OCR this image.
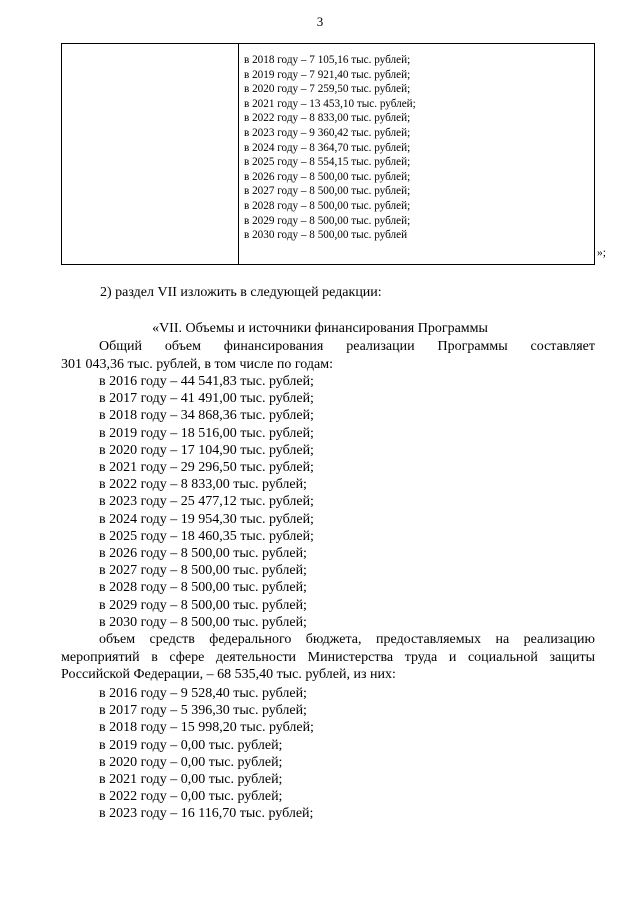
3
в 2018 году – 7 105,16 тыс. рублей;
в 2019 году – 7 921,40 тыс. рублей;
в 2020 году – 7 259,50 тыс. рублей;
в 2021 году – 13 453,10 тыс. рублей;
в 2022 году – 8 833,00 тыс. рублей;
в 2023 году – 9 360,42 тыс. рублей;
в 2024 году – 8 364,70 тыс. рублей;
в 2025 году – 8 554,15 тыс. рублей;
в 2026 году – 8 500,00 тыс. рублей;
в 2027 году – 8 500,00 тыс. рублей;
в 2028 году – 8 500,00 тыс. рублей;
в 2029 году – 8 500,00 тыс. рублей;
в 2030 году – 8 500,00 тыс. рублей
»;
2) раздел VII изложить в следующей редакции:
«VII. Объемы и источники финансирования Программы
Общий объем финансирования реализации Программы составляет
301 043,36 тыс. рублей, в том числе по годам:
в 2016 году – 44 541,83 тыс. рублей;
в 2017 году – 41 491,00 тыс. рублей;
в 2018 году – 34 868,36 тыс. рублей;
в 2019 году – 18 516,00 тыс. рублей;
в 2020 году – 17 104,90 тыс. рублей;
в 2021 году – 29 296,50 тыс. рублей;
в 2022 году – 8 833,00 тыс. рублей;
в 2023 году – 25 477,12 тыс. рублей;
в 2024 году – 19 954,30 тыс. рублей;
в 2025 году – 18 460,35 тыс. рублей;
в 2026 году – 8 500,00 тыс. рублей;
в 2027 году – 8 500,00 тыс. рублей;
в 2028 году – 8 500,00 тыс. рублей;
в 2029 году – 8 500,00 тыс. рублей;
в 2030 году – 8 500,00 тыс. рублей;
объем средств федерального бюджета, предоставляемых на реализацию
мероприятий в сфере деятельности Министерства труда и социальной защиты
Российской Федерации, – 68 535,40 тыс. рублей, из них:
в 2016 году – 9 528,40 тыс. рублей;
в 2017 году – 5 396,30 тыс. рублей;
в 2018 году – 15 998,20 тыс. рублей;
в 2019 году – 0,00 тыс. рублей;
в 2020 году – 0,00 тыс. рублей;
в 2021 году – 0,00 тыс. рублей;
в 2022 году – 0,00 тыс. рублей;
в 2023 году – 16 116,70 тыс. рублей;
